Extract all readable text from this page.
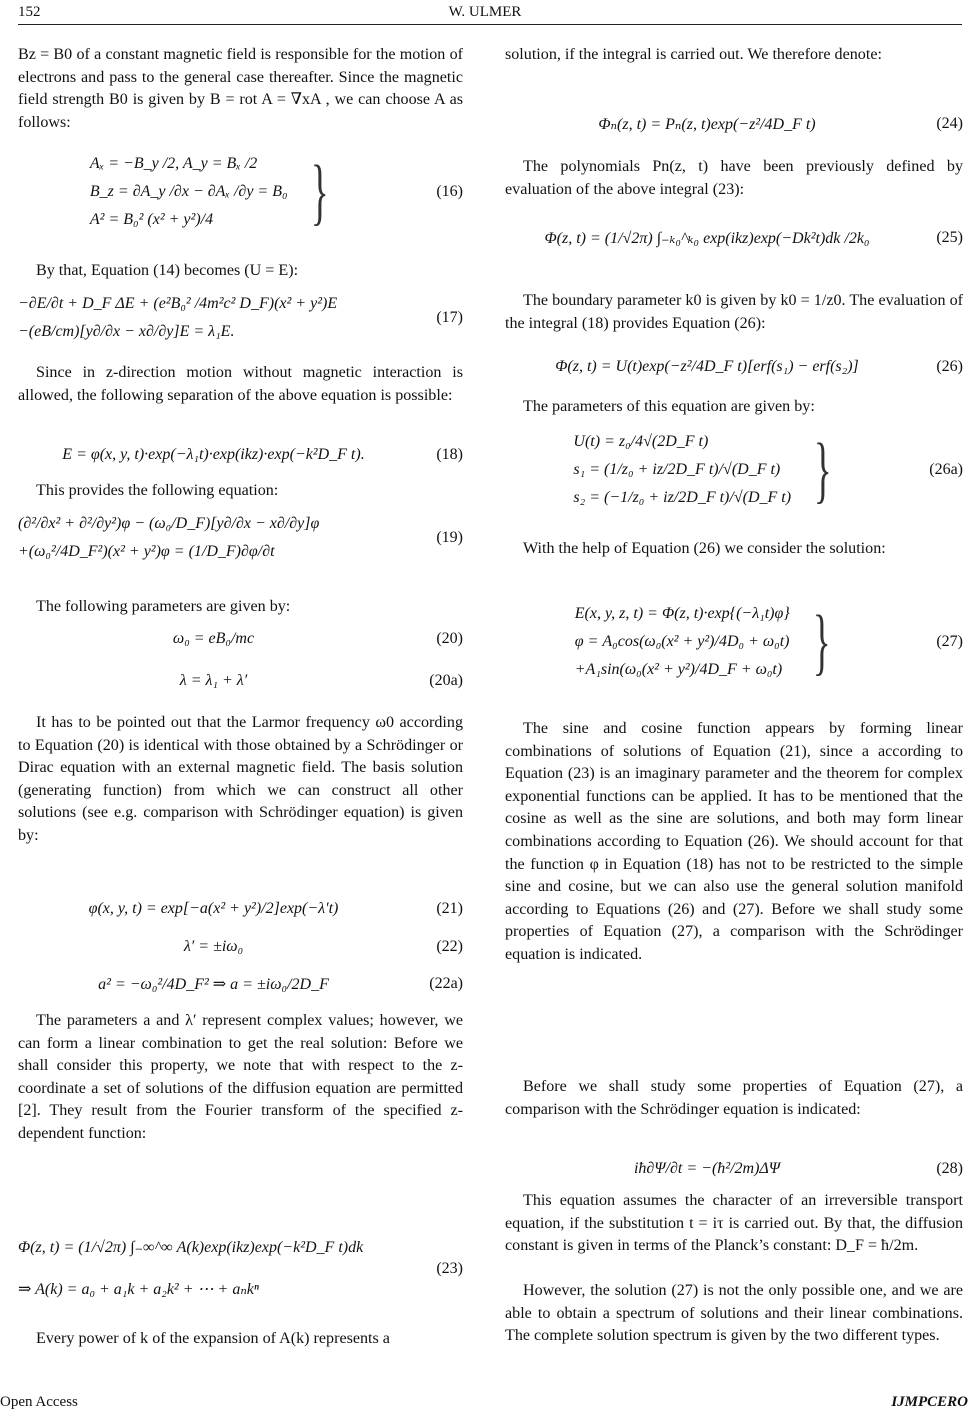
152	W. ULMER
Bz = B0 of a constant magnetic field is responsible for the motion of electrons and pass to the general case thereafter. Since the magnetic field strength B0 is given by B = rot A = ∇xA , we can choose A as follows:
Aₓ = −B_y /2, A_y = Bₓ /2
B_z = ∂A_y /∂x − ∂Aₓ /∂y = B₀
A² = B₀² (x² + y²)/4	}	(16)
By that, Equation (14) becomes (U = E):
−∂E/∂t + D_F ΔE + (e²B₀² /4m²c² D_F)(x² + y²)E
−(eB/cm)[y∂/∂x − x∂/∂y]E = λ₁E.
(17)
Since in z-direction motion without magnetic interaction is allowed, the following separation of the above equation is possible:
E = φ(x, y, t)·exp(−λ₁t)·exp(ikz)·exp(−k²D_F t).	(18)
This provides the following equation:
(∂²/∂x² + ∂²/∂y²)φ − (ω₀/D_F)[y∂/∂x − x∂/∂y]φ
+(ω₀²/4D_F²)(x² + y²)φ = (1/D_F)∂φ/∂t
(19)
The following parameters are given by:
ω₀ = eB₀/mc	(20)
λ = λ₁ + λ′	(20a)
It has to be pointed out that the Larmor frequency ω0 according to Equation (20) is identical with those obtained by a Schrödinger or Dirac equation with an external magnetic field. The basis solution (generating function) from which we can construct all other solutions (see e.g. comparison with Schrödinger equation) is given by:
φ(x, y, t) = exp[−a(x² + y²)/2]exp(−λ′t)	(21)
λ′ = ±iω₀	(22)
a² = −ω₀²/4D_F² ⇒ a = ±iω₀/2D_F	(22a)
The parameters a and λ′ represent complex values; however, we can form a linear combination to get the real solution: Before we shall consider this property, we note that with respect to the z-coordinate a set of solutions of the diffusion equation are permitted [2]. They result from the Fourier transform of the specified z-dependent function:
Φ(z, t) = (1/√2π) ∫₋∞^∞ A(k)exp(ikz)exp(−k²D_F t)dk
⇒ A(k) = a₀ + a₁k + a₂k² + ⋯ + aₙkⁿ
(23)
Every power of k of the expansion of A(k) represents a
solution, if the integral is carried out. We therefore denote:
Φₙ(z, t) = Pₙ(z, t)exp(−z²/4D_F t)	(24)
The polynomials Pn(z, t) have been previously defined by evaluation of the above integral (23):
Φ(z, t) = (1/√2π) ∫₋ₖ₀^ₖ₀ exp(ikz)exp(−Dk²t)dk /2k₀	(25)
The boundary parameter k0 is given by k0 = 1/z0. The evaluation of the integral (18) provides Equation (26):
Φ(z, t) = U(t)exp(−z²/4D_F t)[erf(s₁) − erf(s₂)]	(26)
The parameters of this equation are given by:
U(t) = z₀/4√(2D_F t)
s₁ = (1/z₀ + iz/2D_F t)/√(D_F t)
s₂ = (−1/z₀ + iz/2D_F t)/√(D_F t) }	(26a)
With the help of Equation (26) we consider the solution:
E(x, y, z, t) = Φ(z, t)·exp{(−λ₁t)φ}
φ = A₀cos(ω₀(x² + y²)/4D₀ + ω₀t)
+A₁sin(ω₀(x² + y²)/4D_F + ω₀t) }	(27)
The sine and cosine function appears by forming linear combinations of solutions of Equation (21), since a according to Equation (23) is an imaginary parameter and the theorem for complex exponential functions can be applied. It has to be mentioned that the cosine as well as the sine are solutions, and both may form linear combinations according to Equation (26). We should account for that the function φ in Equation (18) has not to be restricted to the simple sine and cosine, but we can also use the general solution manifold according to Equations (26) and (27). Before we shall study some properties of Equation (27), a comparison with the Schrödinger equation is indicated.
Before we shall study some properties of Equation (27), a comparison with the Schrödinger equation is indicated:
iħ∂Ψ/∂t = −(ħ²/2m)ΔΨ	(28)
This equation assumes the character of an irreversible transport equation, if the substitution t = iτ is carried out. By that, the diffusion constant is given in terms of the Planck’s constant: D_F = ħ/2m.
However, the solution (27) is not the only possible one, and we are able to obtain a spectrum of solutions and their linear combinations. The complete solution spectrum is given by the two different types.
Open Access	IJMPCERO
